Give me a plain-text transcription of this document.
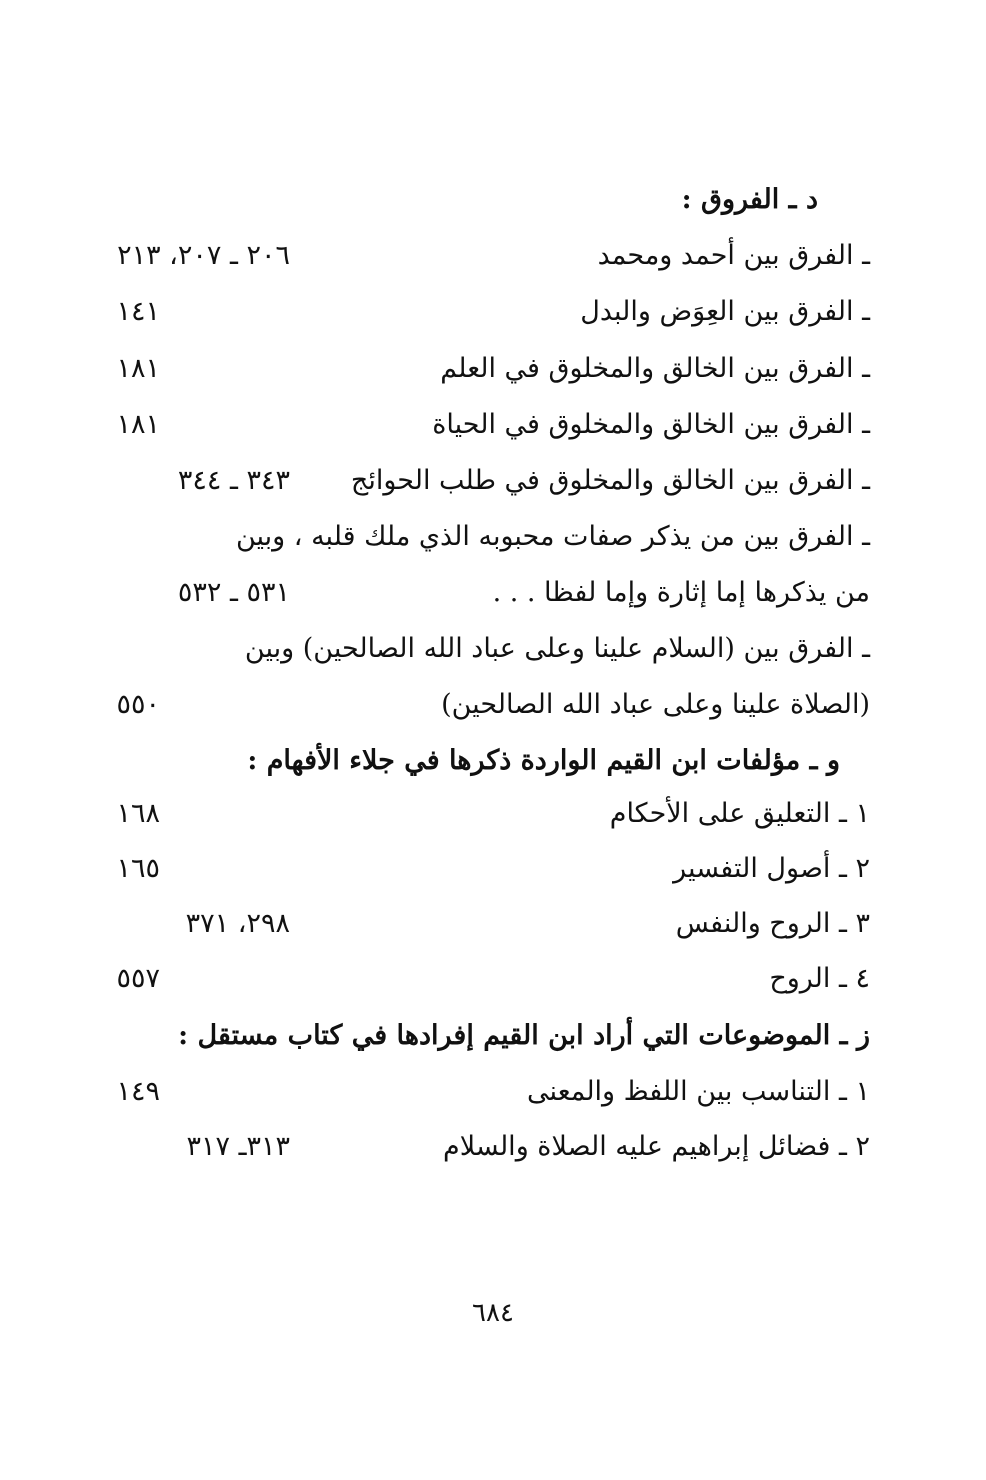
د ـ الفروق :
ـ الفرق بين أحمد ومحمد
٢٠٦ ـ ٢٠٧، ٢١٣
ـ الفرق بين العِوَض والبدل
١٤١
ـ الفرق بين الخالق والمخلوق في العلم
١٨١
ـ الفرق بين الخالق والمخلوق في الحياة
١٨١
ـ الفرق بين الخالق والمخلوق في طلب الحوائج
٣٤٣ ـ ٣٤٤
ـ الفرق بين من يذكر صفات محبوبه الذي ملك قلبه ، وبين
من يذكرها إما إثارة وإما لفظا . . .
٥٣١ ـ ٥٣٢
ـ الفرق بين (السلام علينا وعلى عباد الله الصالحين) وبين
(الصلاة علينا وعلى عباد الله الصالحين)
٥٥٠
و ـ مؤلفات ابن القيم الواردة ذكرها في جلاء الأفهام :
١ ـ التعليق على الأحكام
١٦٨
٢ ـ أصول التفسير
١٦٥
٣ ـ الروح والنفس
٢٩٨، ٣٧١
٤ ـ الروح
٥٥٧
ز ـ الموضوعات التي أراد ابن القيم إفرادها في كتاب مستقل :
١ ـ التناسب بين اللفظ والمعنى
١٤٩
٢ ـ فضائل إبراهيم عليه الصلاة والسلام
٣١٣ـ ٣١٧
٦٨٤
